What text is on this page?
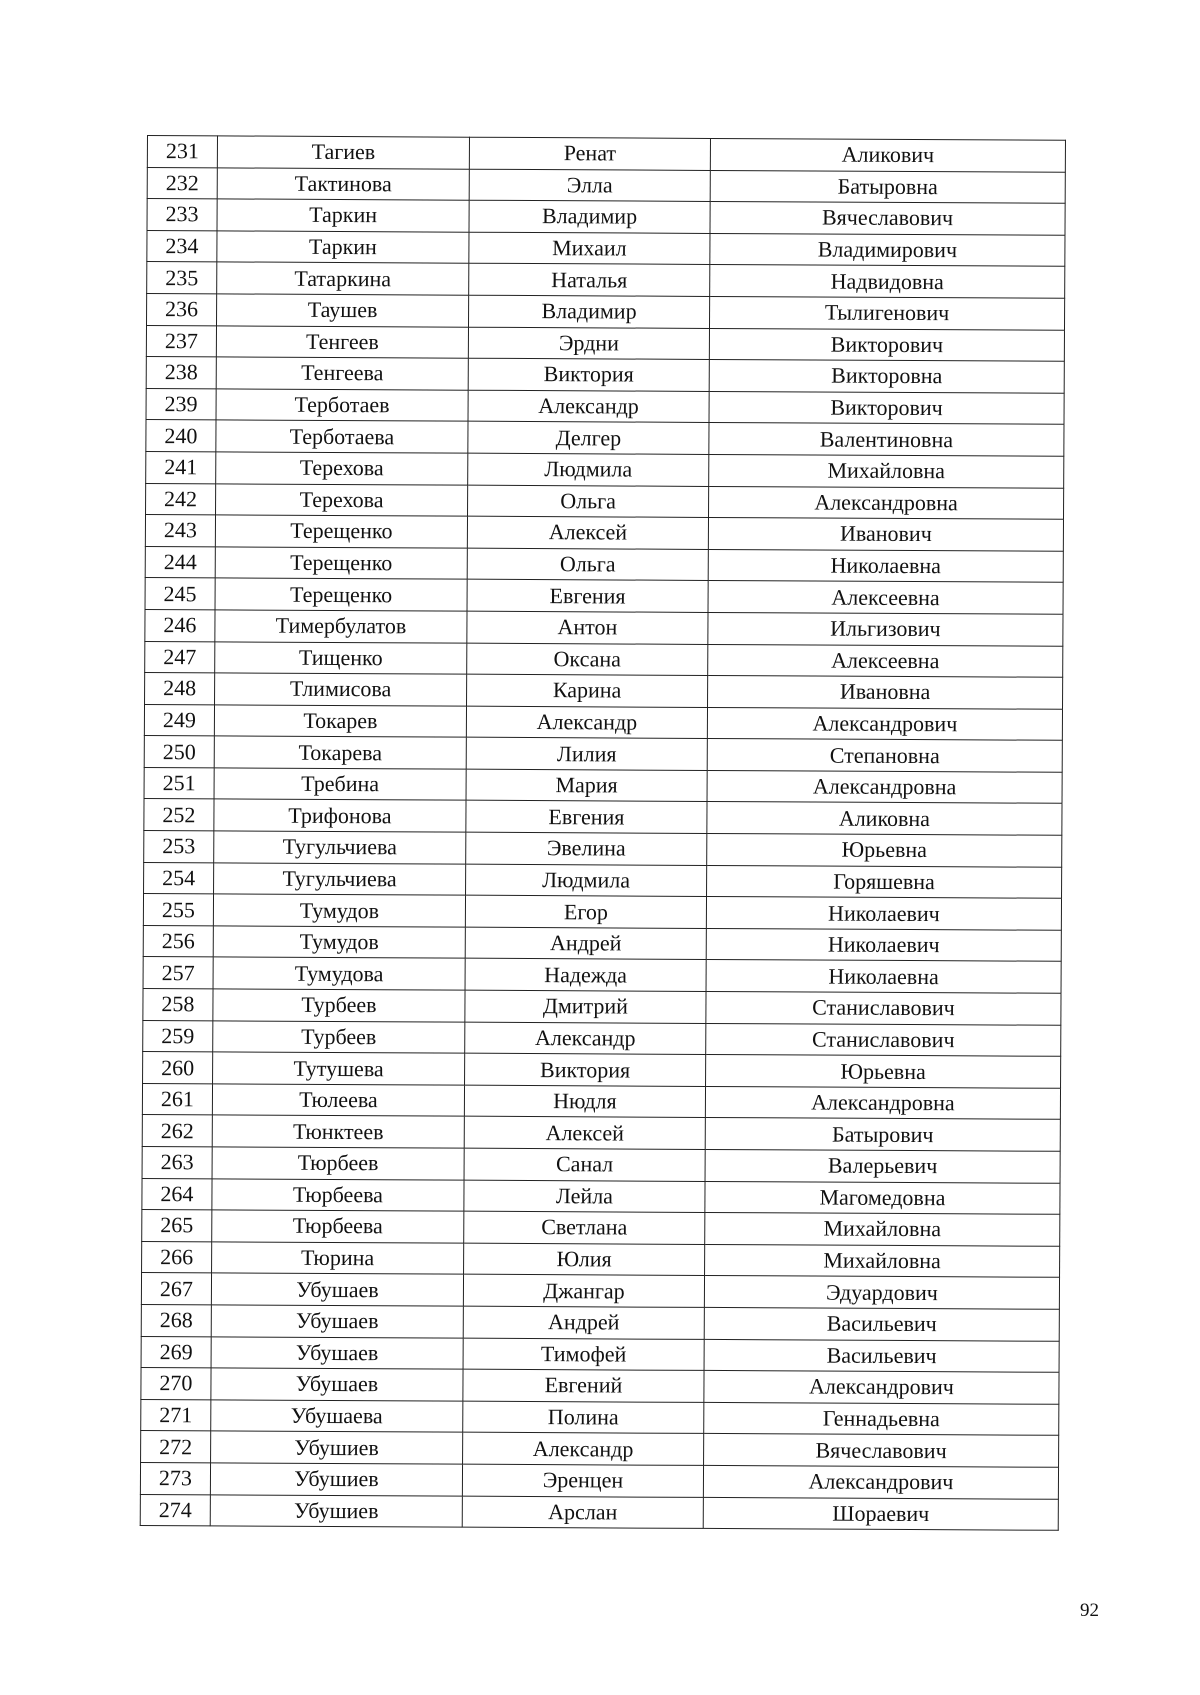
231	Тагиев	Ренат	Аликович
232	Тактинова	Элла	Батыровна
233	Таркин	Владимир	Вячеславович
234	Таркин	Михаил	Владимирович
235	Татаркина	Наталья	Надвидовна
236	Таушев	Владимир	Тылигенович
237	Тенгеев	Эрдни	Викторович
238	Тенгеева	Виктория	Викторовна
239	Терботаев	Александр	Викторович
240	Терботаева	Делгер	Валентиновна
241	Терехова	Людмила	Михайловна
242	Терехова	Ольга	Александровна
243	Терещенко	Алексей	Иванович
244	Терещенко	Ольга	Николаевна
245	Терещенко	Евгения	Алексеевна
246	Тимербулатов	Антон	Ильгизович
247	Тищенко	Оксана	Алексеевна
248	Тлимисова	Карина	Ивановна
249	Токарев	Александр	Александрович
250	Токарева	Лилия	Степановна
251	Требина	Мария	Александровна
252	Трифонова	Евгения	Аликовна
253	Тугульчиева	Эвелина	Юрьевна
254	Тугульчиева	Людмила	Горяшевна
255	Тумудов	Егор	Николаевич
256	Тумудов	Андрей	Николаевич
257	Тумудова	Надежда	Николаевна
258	Турбеев	Дмитрий	Станиславович
259	Турбеев	Александр	Станиславович
260	Тутушева	Виктория	Юрьевна
261	Тюлеева	Нюдля	Александровна
262	Тюнктеев	Алексей	Батырович
263	Тюрбеев	Санал	Валерьевич
264	Тюрбеева	Лейла	Магомедовна
265	Тюрбеева	Светлана	Михайловна
266	Тюрина	Юлия	Михайловна
267	Убушаев	Джангар	Эдуардович
268	Убушаев	Андрей	Васильевич
269	Убушаев	Тимофей	Васильевич
270	Убушаев	Евгений	Александрович
271	Убушаева	Полина	Геннадьевна
272	Убушиев	Александр	Вячеславович
273	Убушиев	Эренцен	Александрович
274	Убушиев	Арслан	Шораевич
92
